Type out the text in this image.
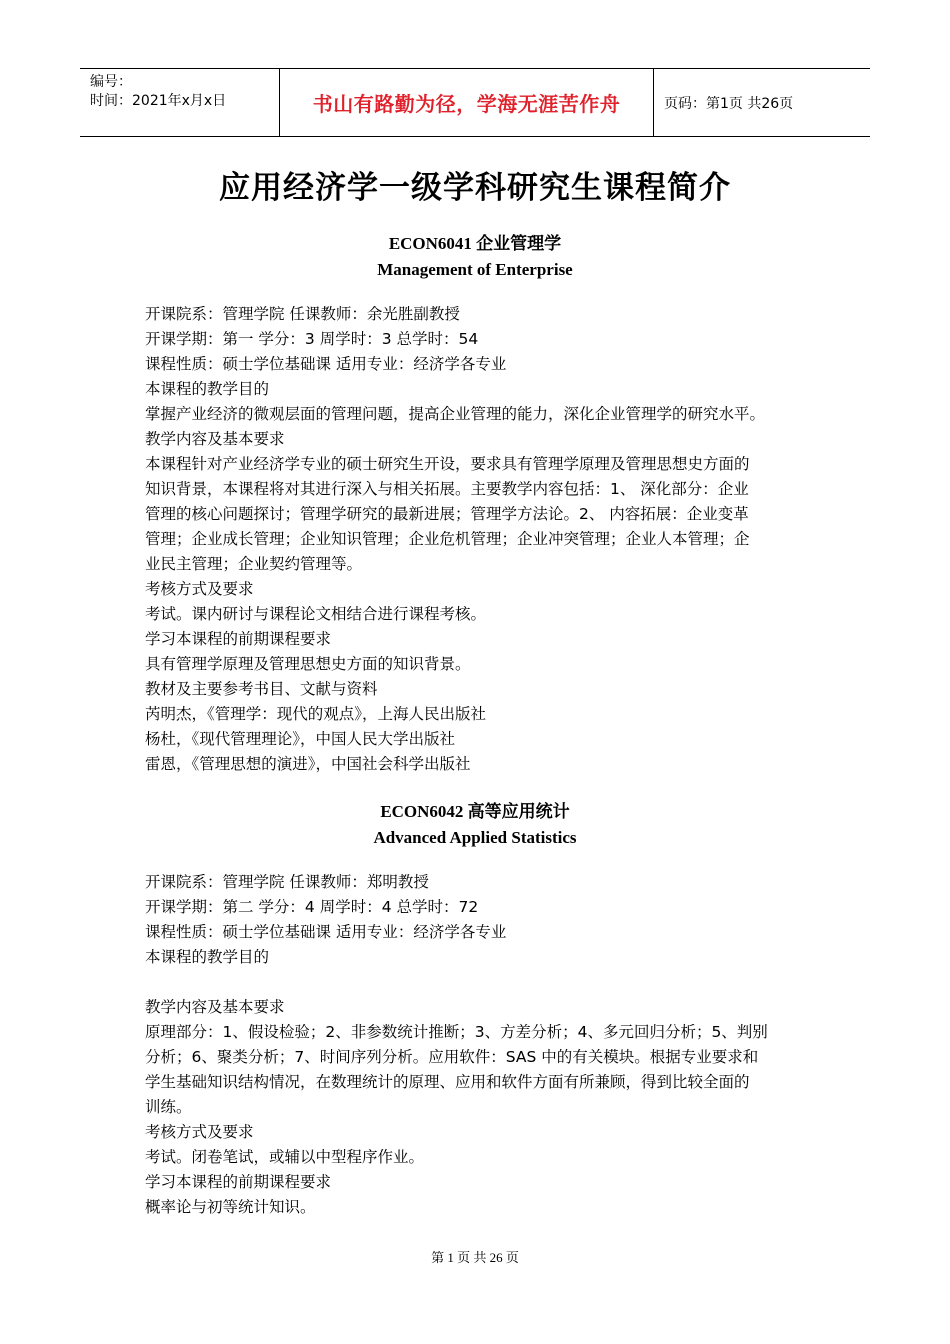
编号：
时间：2021年x月x日	书山有路勤为径，学海无涯苦作舟	页码：第1页 共26页
应用经济学一级学科研究生课程简介
ECON6041 企业管理学
Management of Enterprise
开课院系：管理学院 任课教师：余光胜副教授
开课学期：第一 学分：3 周学时：3 总学时：54
课程性质：硕士学位基础课 适用专业：经济学各专业
本课程的教学目的
掌握产业经济的微观层面的管理问题，提高企业管理的能力，深化企业管理学的研究水平。
教学内容及基本要求
本课程针对产业经济学专业的硕士研究生开设，要求具有管理学原理及管理思想史方面的
知识背景，本课程将对其进行深入与相关拓展。主要教学内容包括：1、 深化部分：企业
管理的核心问题探讨；管理学研究的最新进展；管理学方法论。2、 内容拓展：企业变革
管理；企业成长管理；企业知识管理；企业危机管理；企业冲突管理；企业人本管理；企
业民主管理；企业契约管理等。
考核方式及要求
考试。课内研讨与课程论文相结合进行课程考核。
学习本课程的前期课程要求
具有管理学原理及管理思想史方面的知识背景。
教材及主要参考书目、文献与资料
芮明杰，《管理学：现代的观点》，上海人民出版社
杨杜，《现代管理理论》，中国人民大学出版社
雷恩，《管理思想的演进》，中国社会科学出版社
ECON6042 高等应用统计
Advanced Applied Statistics
开课院系：管理学院 任课教师：郑明教授
开课学期：第二 学分：4 周学时：4 总学时：72
课程性质：硕士学位基础课 适用专业：经济学各专业
本课程的教学目的
教学内容及基本要求
原理部分：1、假设检验；2、非参数统计推断；3、方差分析；4、多元回归分析；5、判别
分析；6、聚类分析；7、时间序列分析。应用软件：SAS 中的有关模块。根据专业要求和
学生基础知识结构情况，在数理统计的原理、应用和软件方面有所兼顾，得到比较全面的
训练。
考核方式及要求
考试。闭卷笔试，或辅以中型程序作业。
学习本课程的前期课程要求
概率论与初等统计知识。
第 1 页 共 26 页
